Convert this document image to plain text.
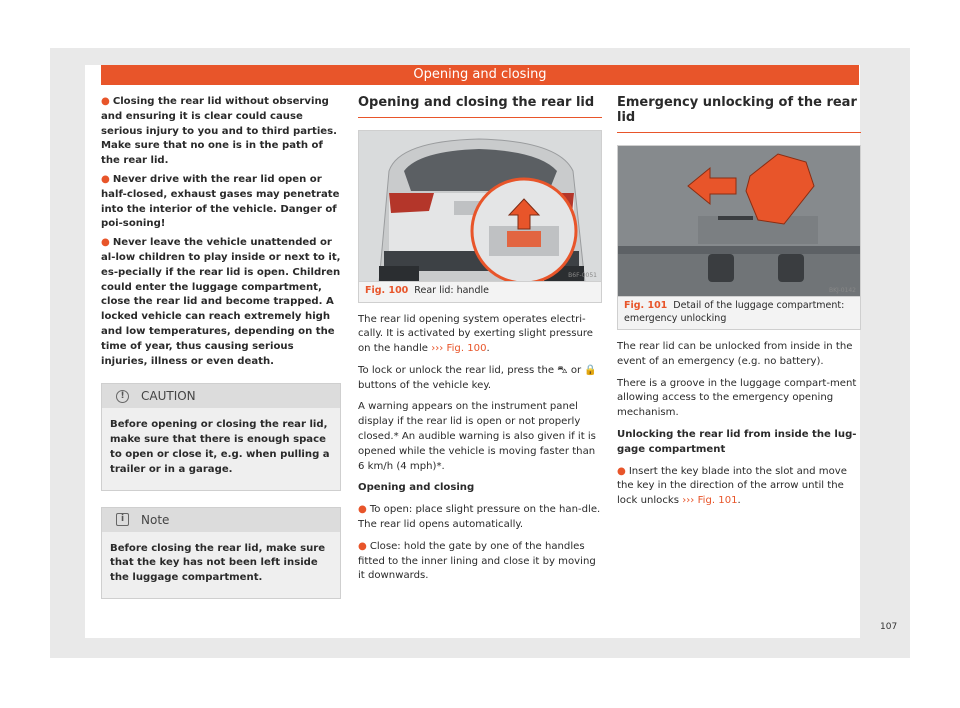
Opening and closing

● Closing the rear lid without observing and ensuring it is clear could cause serious injury to you and to third parties. Make sure that no one is in the path of the rear lid.

● Never drive with the rear lid open or half-closed, exhaust gases may penetrate into the interior of the vehicle. Danger of poi-soning!

● Never leave the vehicle unattended or al-low children to play inside or next to it, es-pecially if the rear lid is open. Children could enter the luggage compartment, close the rear lid and become trapped. A locked vehicle can reach extremely high and low temperatures, depending on the time of year, thus causing serious injuries, illness or even death.

!	CAUTION
Before opening or closing the rear lid, make sure that there is enough space to open or close it, e.g. when pulling a trailer or in a garage.
i	Note
Before closing the rear lid, make sure that the key has not been left inside the luggage compartment.
Opening and closing the rear lid
B6F-0051
Fig. 100 Rear lid: handle

The rear lid opening system operates electri-cally. It is activated by exerting slight pressure on the handle ››› Fig. 100.

To lock or unlock the rear lid, press the ⛍ or 🔒 buttons of the vehicle key.

A warning appears on the instrument panel display if the rear lid is open or not properly closed.* An audible warning is also given if it is opened while the vehicle is moving faster than 6 km/h (4 mph)*.

Opening and closing

● To open: place slight pressure on the han-dle. The rear lid opens automatically.

● Close: hold the gate by one of the handles fitted to the inner lining and close it by moving it downwards.

Emergency unlocking of the rear lid
BKJ-0142
Fig. 101 Detail of the luggage compartment: emergency unlocking

The rear lid can be unlocked from inside in the event of an emergency (e.g. no battery).

There is a groove in the luggage compart-ment allowing access to the emergency opening mechanism.

Unlocking the rear lid from inside the lug-gage compartment

● Insert the key blade into the slot and move the key in the direction of the arrow until the lock unlocks ››› Fig. 101.

107
